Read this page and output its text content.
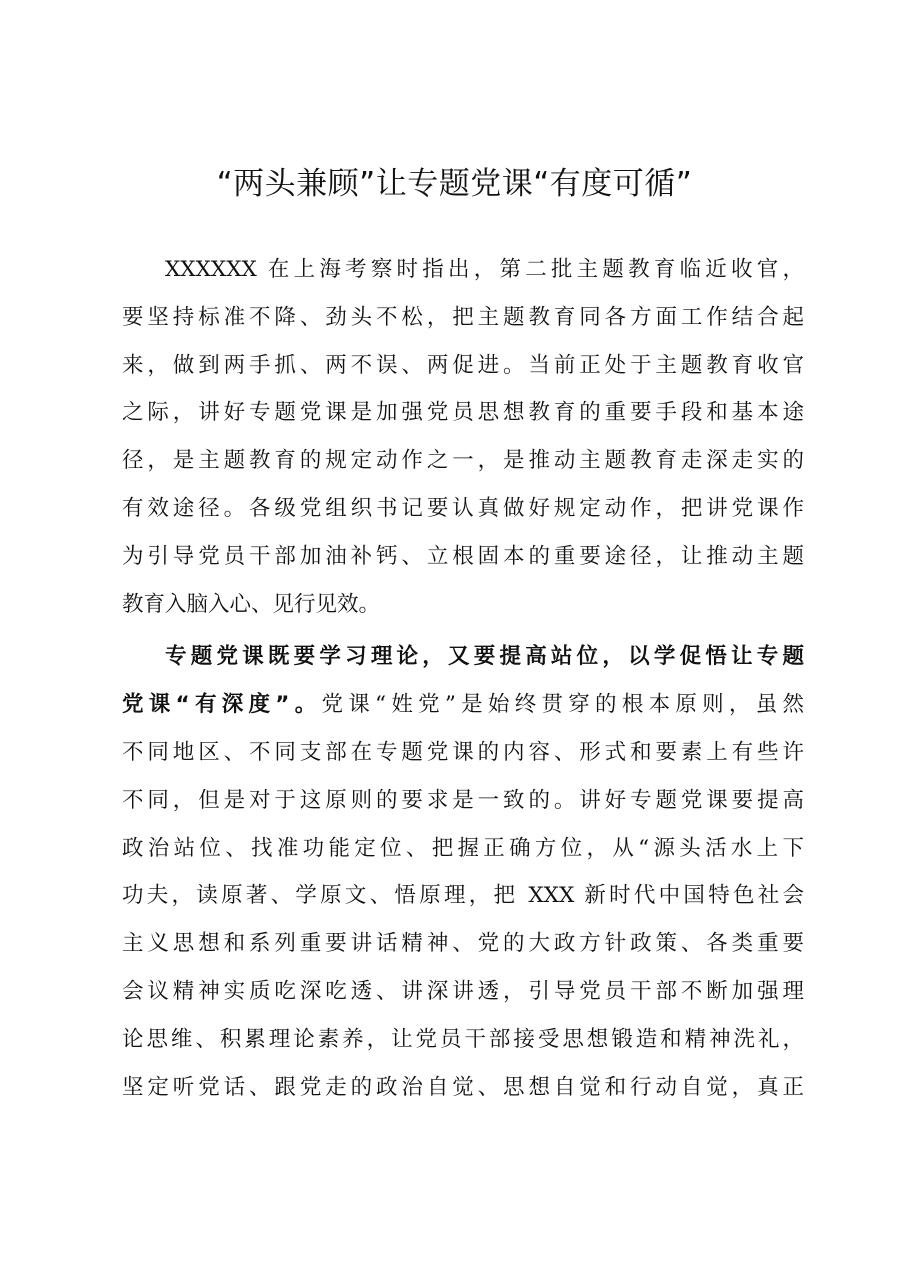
“两头兼顾”让专题党课“有度可循”
XXXXXX 在上海考察时指出，第二批主题教育临近收官，
要坚持标准不降、劲头不松，把主题教育同各方面工作结合起
来，做到两手抓、两不误、两促进。当前正处于主题教育收官
之际，讲好专题党课是加强党员思想教育的重要手段和基本途
径，是主题教育的规定动作之一，是推动主题教育走深走实的
有效途径。各级党组织书记要认真做好规定动作，把讲党课作
为引导党员干部加油补钙、立根固本的重要途径，让推动主题
教育入脑入心、见行见效。
专题党课既要学习理论，又要提高站位，以学促悟让专题
党课“有深度”。党课“姓党”是始终贯穿的根本原则，虽然
不同地区、不同支部在专题党课的内容、形式和要素上有些许
不同，但是对于这原则的要求是一致的。讲好专题党课要提高
政治站位、找准功能定位、把握正确方位，从“源头活水上下
功夫，读原著、学原文、悟原理，把 XXX 新时代中国特色社会
主义思想和系列重要讲话精神、党的大政方针政策、各类重要
会议精神实质吃深吃透、讲深讲透，引导党员干部不断加强理
论思维、积累理论素养，让党员干部接受思想锻造和精神洗礼，
坚定听党话、跟党走的政治自觉、思想自觉和行动自觉，真正
